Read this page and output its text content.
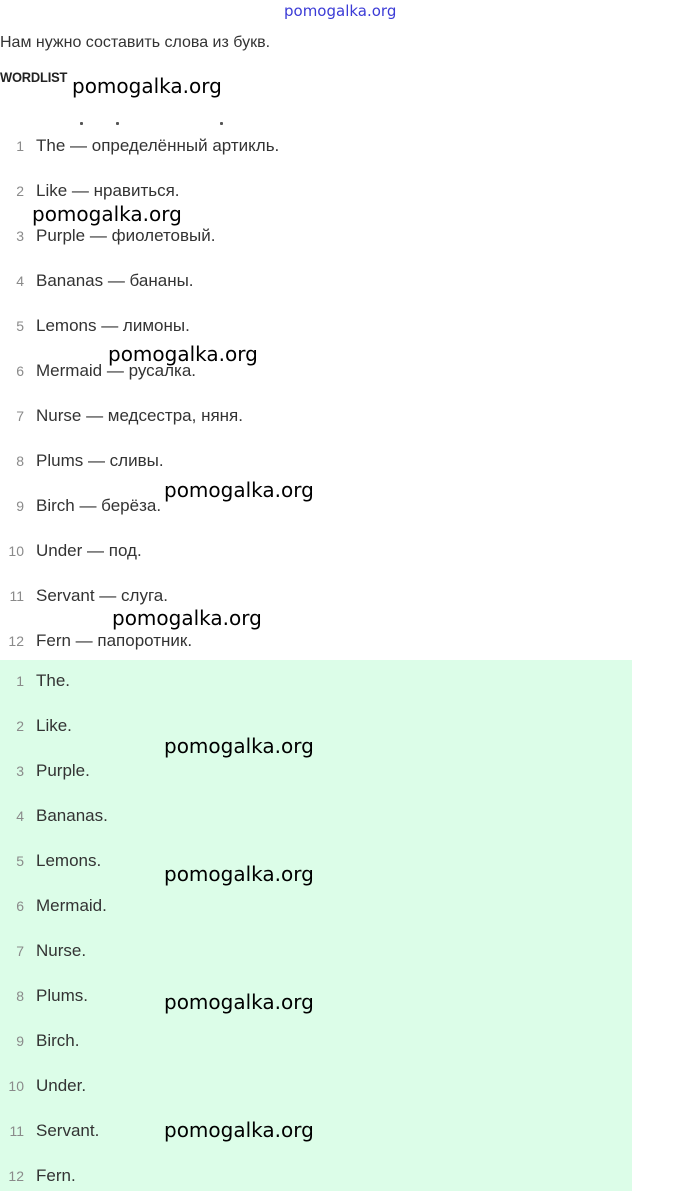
pomogalka.org
Нам нужно составить слова из букв.
WORDLIST
1 The — определённый артикль.
2 Like — нравиться.
3 Purple — фиолетовый.
4 Bananas — бананы.
5 Lemons — лимоны.
6 Mermaid — русалка.
7 Nurse — медсестра, няня.
8 Plums — сливы.
9 Birch — берёза.
10 Under — под.
11 Servant — слуга.
12 Fern — папоротник.
1 The.
2 Like.
3 Purple.
4 Bananas.
5 Lemons.
6 Mermaid.
7 Nurse.
8 Plums.
9 Birch.
10 Under.
11 Servant.
12 Fern.
pomogalka.org
pomogalka.org
pomogalka.org
pomogalka.org
pomogalka.org
pomogalka.org
pomogalka.org
pomogalka.org
pomogalka.org
